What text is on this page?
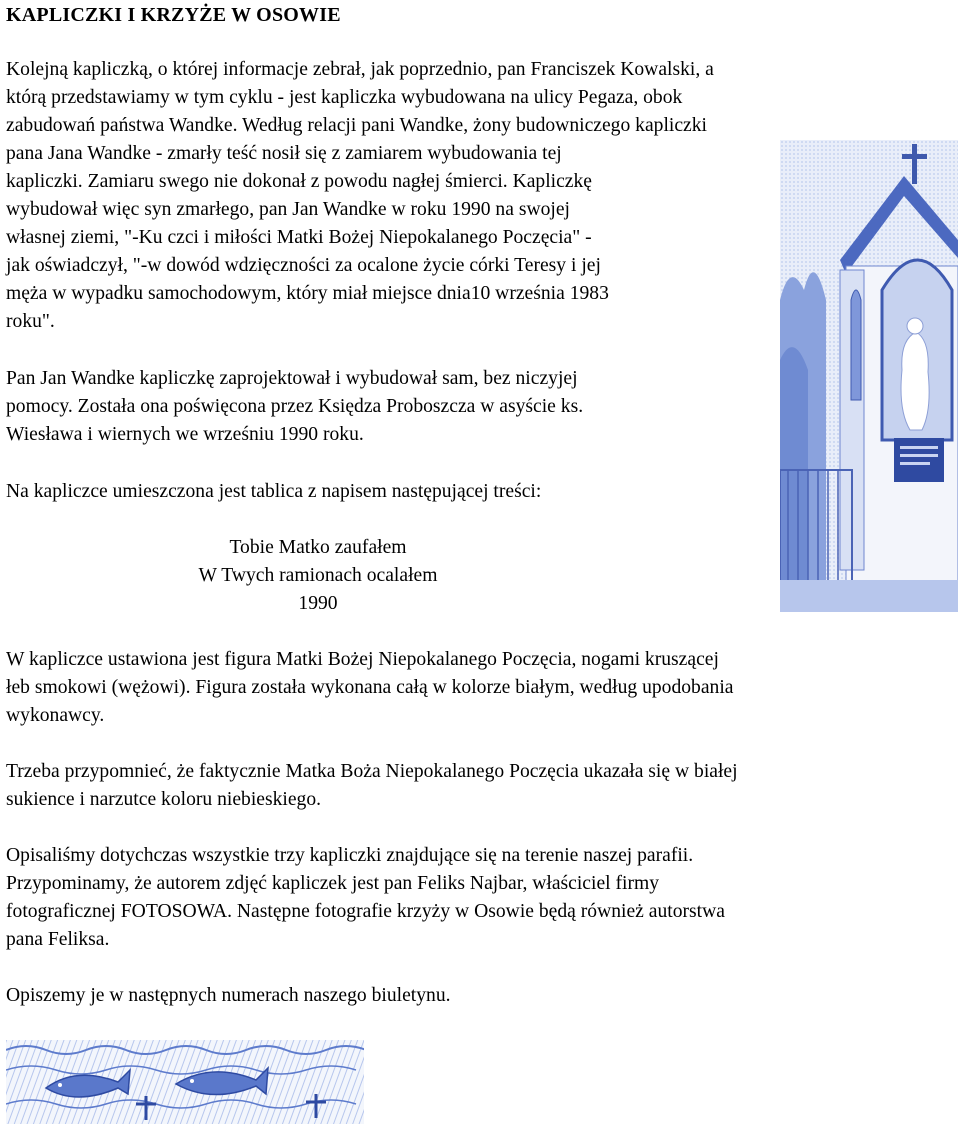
KAPLICZKI I KRZYŻE W OSOWIE

Kolejną kapliczką, o której informacje zebrał, jak poprzednio, pan Franciszek Kowalski, a
którą przedstawiamy w tym cyklu - jest kapliczka wybudowana na ulicy Pegaza, obok
zabudowań państwa Wandke. Według relacji pani Wandke, żony budowniczego kapliczki
pana Jana Wandke - zmarły teść nosił się z zamiarem wybudowania tej
kapliczki. Zamiaru swego nie dokonał z powodu nagłej śmierci. Kapliczkę
wybudował więc syn zmarłego, pan Jan Wandke w roku 1990 na swojej
własnej ziemi, "-Ku czci i miłości Matki Bożej Niepokalanego Poczęcia" -
jak oświadczył, "-w dowód wdzięczności za ocalone życie córki Teresy i jej
męża w wypadku samochodowym, który miał miejsce dnia10 września 1983
roku".

Pan Jan Wandke kapliczkę zaprojektował i wybudował sam, bez niczyjej
pomocy. Została ona poświęcona przez Księdza Proboszcza w asyście ks.
Wiesława i wiernych we wrześniu 1990 roku.

Na kapliczce umieszczona jest tablica z napisem następującej treści:

Tobie Matko zaufałem
W Twych ramionach ocalałem
1990

W kapliczce ustawiona jest figura Matki Bożej Niepokalanego Poczęcia, nogami kruszącej
łeb smokowi (wężowi). Figura została wykonana całą w kolorze białym, według upodobania
wykonawcy.

Trzeba przypomnieć, że faktycznie Matka Boża Niepokalanego Poczęcia ukazała się w białej
sukience i narzutce koloru niebieskiego.

Opisaliśmy dotychczas wszystkie trzy kapliczki znajdujące się na terenie naszej parafii.
Przypominamy, że autorem zdjęć kapliczek jest pan Feliks Najbar, właściciel firmy
fotograficznej FOTOSOWA. Następne fotografie krzyży w Osowie będą również autorstwa
pana Feliksa.

Opiszemy je w następnych numerach naszego biuletynu.
